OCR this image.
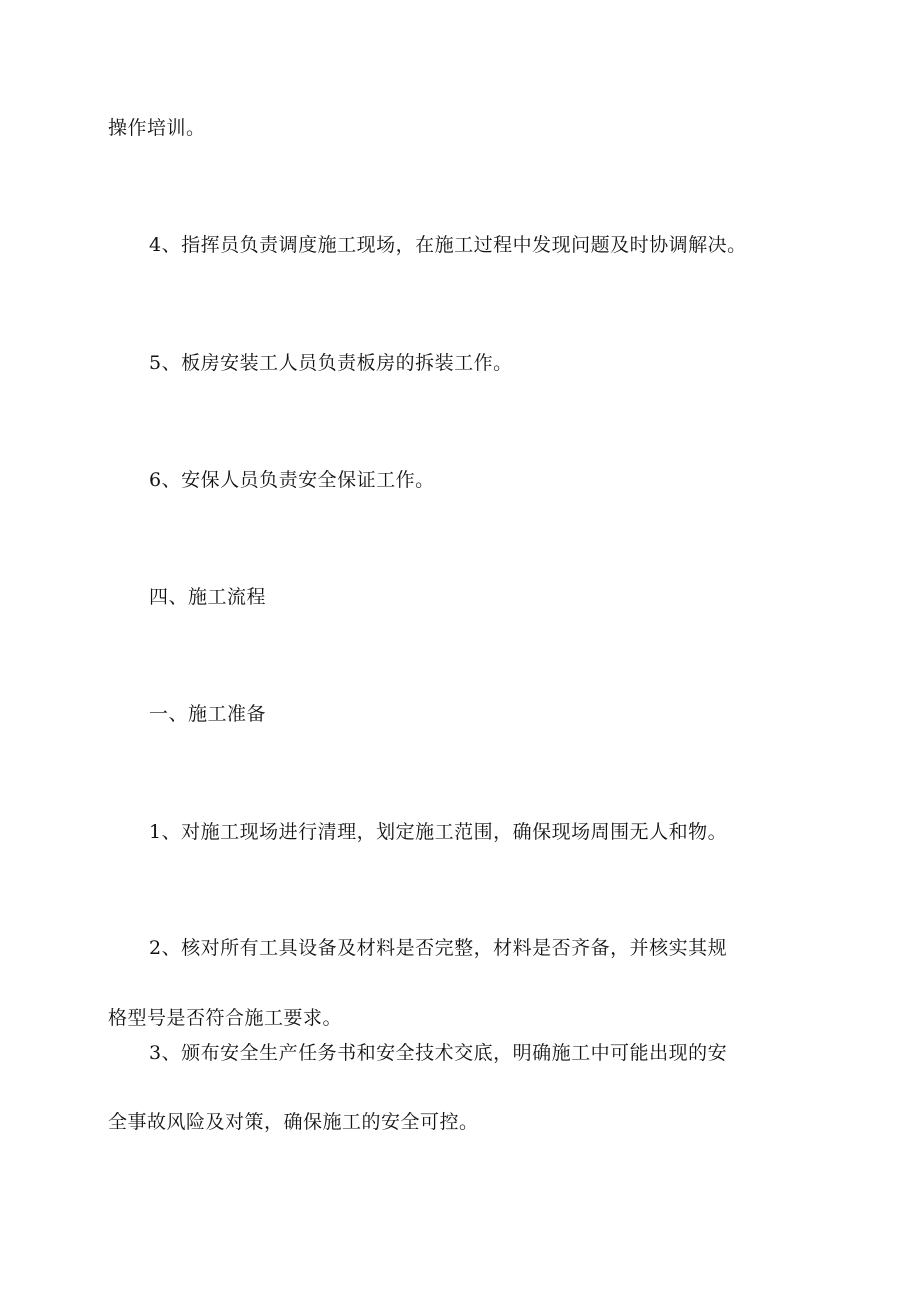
操作培训。
4、指挥员负责调度施工现场，在施工过程中发现问题及时协调解决。
5、板房安装工人员负责板房的拆装工作。
6、安保人员负责安全保证工作。
四、施工流程
一、施工准备
1、对施工现场进行清理，划定施工范围，确保现场周围无人和物。
2、核对所有工具设备及材料是否完整，材料是否齐备，并核实其规
格型号是否符合施工要求。
3、颁布安全生产任务书和安全技术交底，明确施工中可能出现的安
全事故风险及对策，确保施工的安全可控。
